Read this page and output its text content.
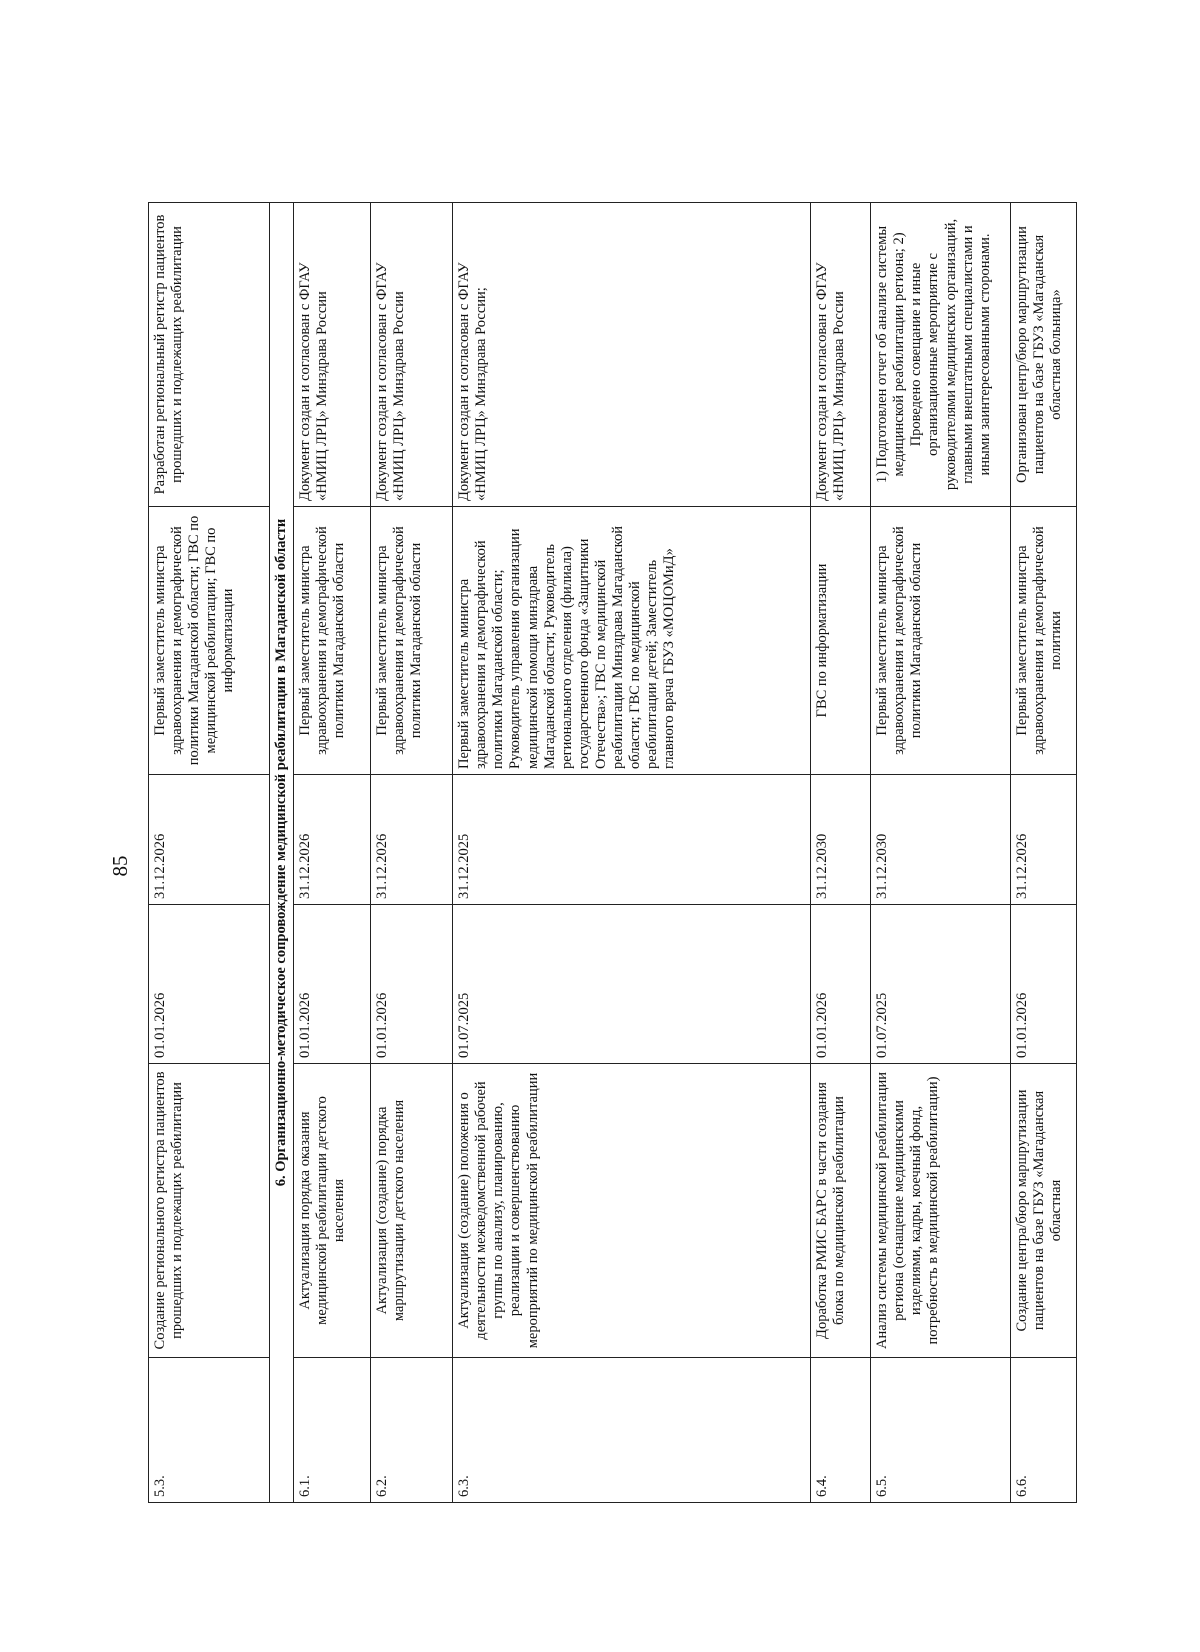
85
5.3.	Создание регионального регистра пациентов прошедших и подлежащих реабилитации	01.01.2026	31.12.2026	Первый заместитель министра здравоохранения и демографической политики Магаданской области; ГВС по медицинской реабилитации; ГВС по информатизации	Разработан региональный регистр пациентов прошедших и подлежащих реабилитации
6. Организационно-методическое сопровождение медицинской реабилитации в Магаданской области					
6.1.	Актуализация порядка оказания медицинской реабилитации детского населения	01.01.2026	31.12.2026	Первый заместитель министра здравоохранения и демографической политики Магаданской области	Документ создан и согласован с ФГАУ «НМИЦ ЛРЦ» Минздрава России
6.2.	Актуализация (создание) порядка маршрутизации детского населения	01.01.2026	31.12.2026	Первый заместитель министра здравоохранения и демографической политики Магаданской области	Документ создан и согласован с ФГАУ «НМИЦ ЛРЦ» Минздрава России
6.3.	Актуализация (создание) положения о деятельности межведомственной рабочей группы по анализу, планированию, реализации и совершенствованию мероприятий по медицинской реабилитации	01.07.2025	31.12.2025	Первый заместитель министра здравоохранения и демографической политики Магаданской области; Руководитель управления организации медицинской помощи минздрава Магаданской области; Руководитель регионального отделения (филиала) государственного фонда «Защитники Отечества»; ГВС по медицинской реабилитации Минздрава Магаданской области; ГВС по медицинской реабилитации детей; Заместитель главного врача ГБУЗ «МОЦОМиД»	Документ создан и согласован с ФГАУ «НМИЦ ЛРЦ» Минздрава России;
6.4.	Доработка РМИС БАРС в части создания блока по медицинской реабилитации	01.01.2026	31.12.2030	ГВС по информатизации	Документ создан и согласован с ФГАУ «НМИЦ ЛРЦ» Минздрава России
6.5.	Анализ системы медицинской реабилитации региона (оснащение медицинскими изделиями, кадры, коечный фонд, потребность в медицинской реабилитации)	01.07.2025	31.12.2030	Первый заместитель министра здравоохранения и демографической политики Магаданской области	1) Подготовлен отчет об анализе системы медицинской реабилитации региона; 2) Проведено совещание и иные организационные мероприятие с руководителями медицинских организаций, главными внештатными специалистами и иными заинтересованными сторонами.
6.6.	Создание центра/бюро маршрутизации пациентов на базе ГБУЗ «Магаданская областная	01.01.2026	31.12.2026	Первый заместитель министра здравоохранения и демографической политики	Организован центр/бюро маршрутизации пациентов на базе ГБУЗ «Магаданская областная больница»
